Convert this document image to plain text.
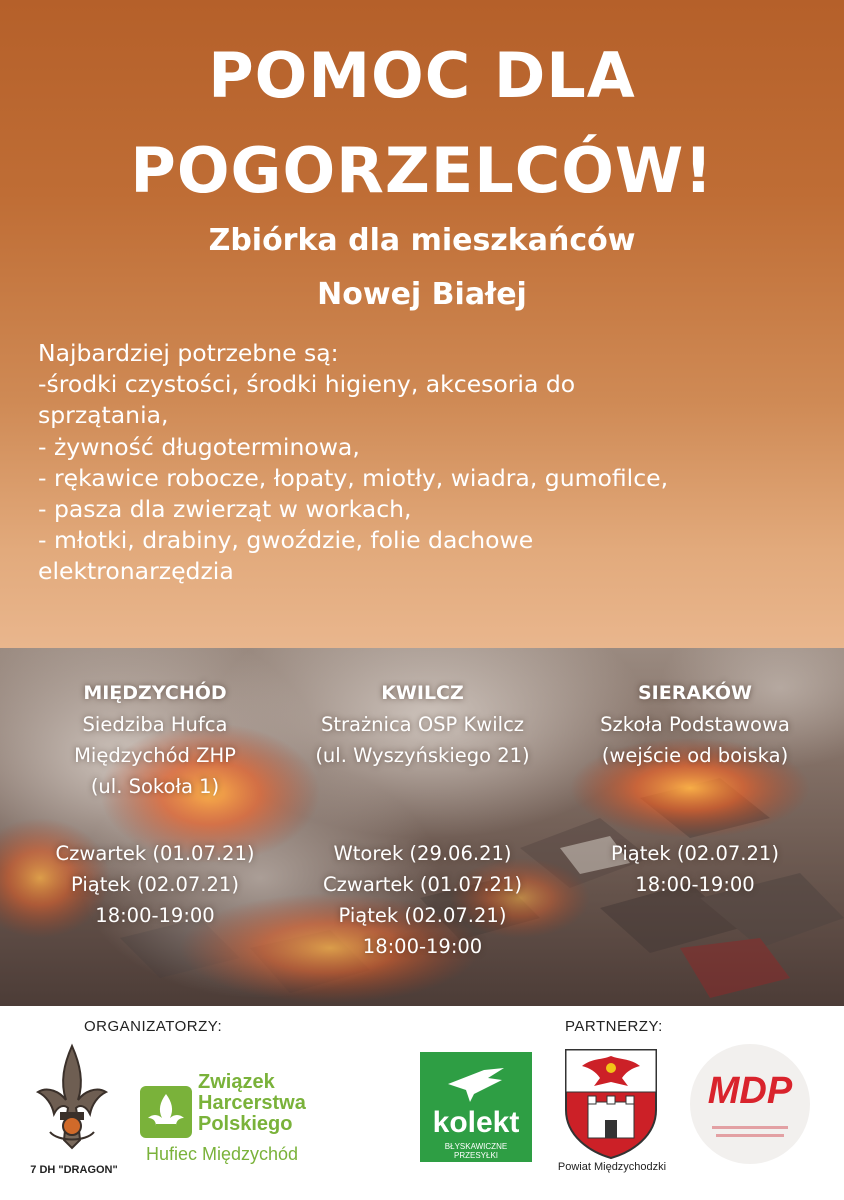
POMOC DLA
POGORZELCÓW!
Zbiórka dla mieszkańców
Nowej Białej
Najbardziej potrzebne są:
-środki czystości, środki higieny, akcesoria do
sprzątania,
- żywność długoterminowa,
- rękawice robocze, łopaty, miotły, wiadra, gumofilce,
- pasza dla zwierząt w workach,
- młotki, drabiny, gwoździe, folie dachowe
elektronarzędzia
MIĘDZYCHÓD
Siedziba Hufca
Międzychód ZHP
(ul. Sokoła 1)
Czwartek (01.07.21)
Piątek (02.07.21)
18:00-19:00
KWILCZ
Strażnica OSP Kwilcz
(ul. Wyszyńskiego 21)
Wtorek (29.06.21)
Czwartek (01.07.21)
Piątek (02.07.21)
18:00-19:00
SIERAKÓW
Szkoła Podstawowa
(wejście od boiska)
Piątek (02.07.21)
18:00-19:00
ORGANIZATORZY:	PARTNERZY:
7 DH "DRAGON"
Związek
Harcerstwa
Polskiego
Hufiec Międzychód
kolekt
BŁYSKAWICZNE
PRZESYŁKI
Powiat Międzychodzki
MDP
